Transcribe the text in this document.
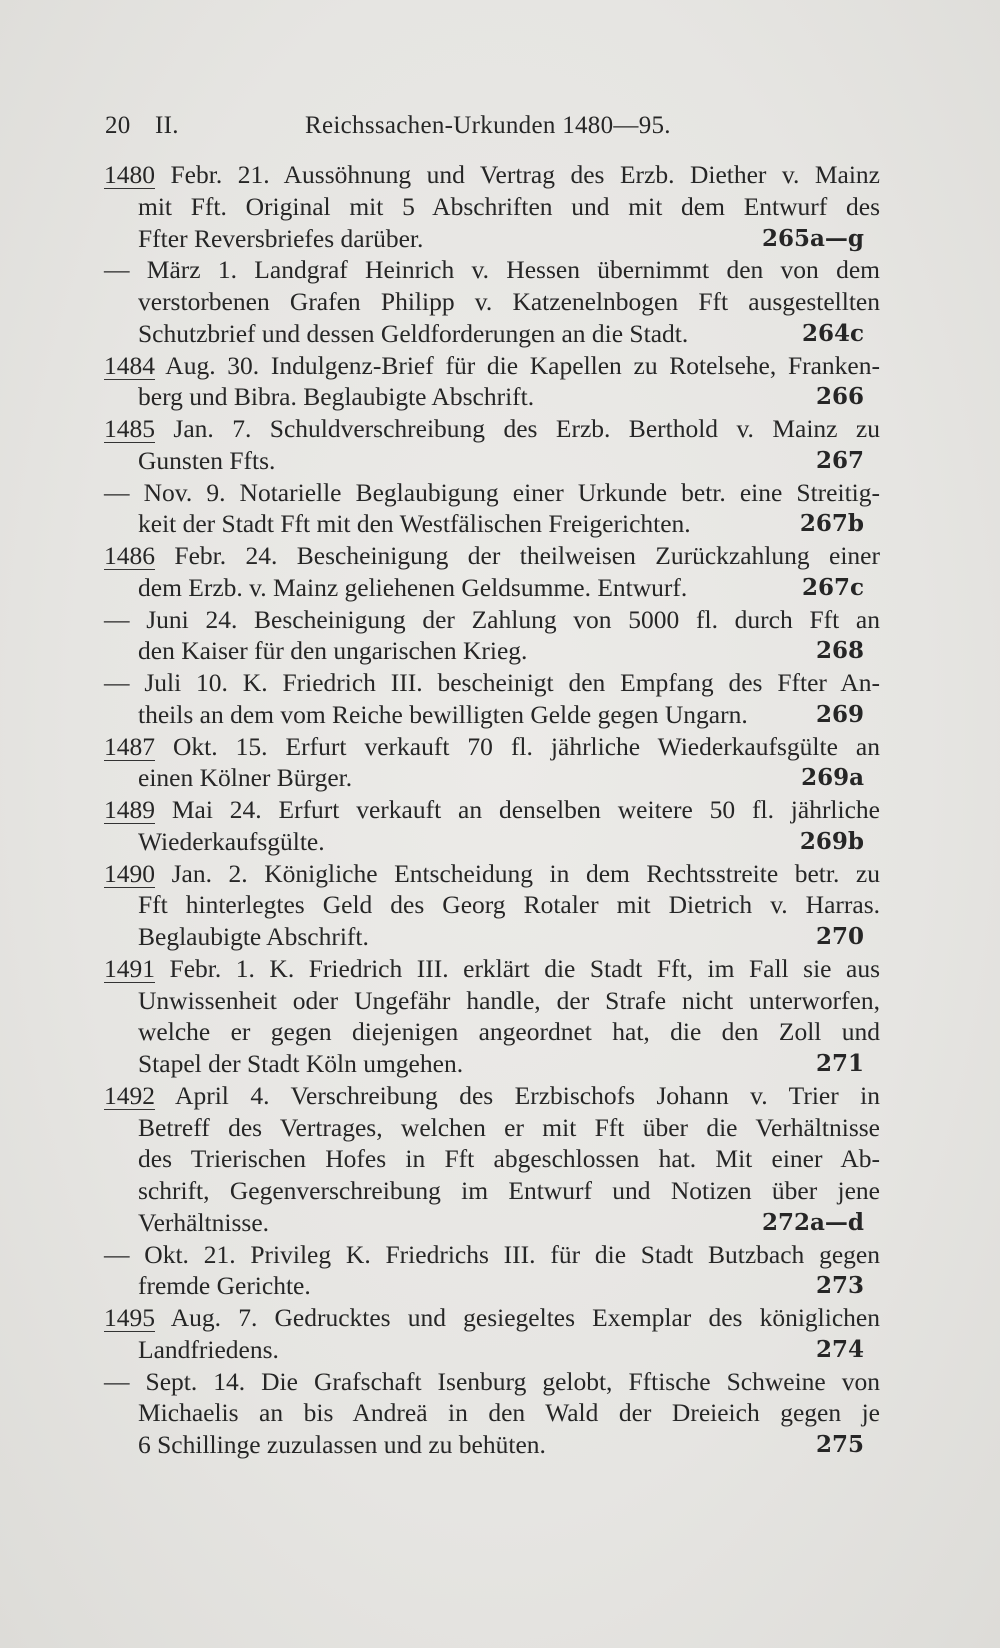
20 II.	Reichssachen-Urkunden 1480—95.
1480 Febr. 21. Aussöhnung und Vertrag des Erzb. Diether v. Mainz
mit Fft. Original mit 5 Abschriften und mit dem Entwurf des
Ffter Reversbriefes darüber.	265a—g
— März 1. Landgraf Heinrich v. Hessen übernimmt den von dem
verstorbenen Grafen Philipp v. Katzenelnbogen Fft ausgestellten
Schutzbrief und dessen Geldforderungen an die Stadt.	264c
1484 Aug. 30. Indulgenz-Brief für die Kapellen zu Rotelsehe, Franken-
berg und Bibra. Beglaubigte Abschrift.	266
1485 Jan. 7. Schuldverschreibung des Erzb. Berthold v. Mainz zu
Gunsten Ffts.	267
— Nov. 9. Notarielle Beglaubigung einer Urkunde betr. eine Streitig-
keit der Stadt Fft mit den Westfälischen Freigerichten.	267b
1486 Febr. 24. Bescheinigung der theilweisen Zurückzahlung einer
dem Erzb. v. Mainz geliehenen Geldsumme. Entwurf.	267c
— Juni 24. Bescheinigung der Zahlung von 5000 fl. durch Fft an
den Kaiser für den ungarischen Krieg.	268
— Juli 10. K. Friedrich III. bescheinigt den Empfang des Ffter An-
theils an dem vom Reiche bewilligten Gelde gegen Ungarn.	269
1487 Okt. 15. Erfurt verkauft 70 fl. jährliche Wiederkaufsgülte an
einen Kölner Bürger.	269a
1489 Mai 24. Erfurt verkauft an denselben weitere 50 fl. jährliche
Wiederkaufsgülte.	269b
1490 Jan. 2. Königliche Entscheidung in dem Rechtsstreite betr. zu
Fft hinterlegtes Geld des Georg Rotaler mit Dietrich v. Harras.
Beglaubigte Abschrift.	270
1491 Febr. 1. K. Friedrich III. erklärt die Stadt Fft, im Fall sie aus
Unwissenheit oder Ungefähr handle, der Strafe nicht unterworfen,
welche er gegen diejenigen angeordnet hat, die den Zoll und
Stapel der Stadt Köln umgehen.	271
1492 April 4. Verschreibung des Erzbischofs Johann v. Trier in
Betreff des Vertrages, welchen er mit Fft über die Verhältnisse
des Trierischen Hofes in Fft abgeschlossen hat. Mit einer Ab-
schrift, Gegenverschreibung im Entwurf und Notizen über jene
Verhältnisse.	272a—d
— Okt. 21. Privileg K. Friedrichs III. für die Stadt Butzbach gegen
fremde Gerichte.	273
1495 Aug. 7. Gedrucktes und gesiegeltes Exemplar des königlichen
Landfriedens.	274
— Sept. 14. Die Grafschaft Isenburg gelobt, Fftische Schweine von
Michaelis an bis Andreä in den Wald der Dreieich gegen je
6 Schillinge zuzulassen und zu behüten.	275
